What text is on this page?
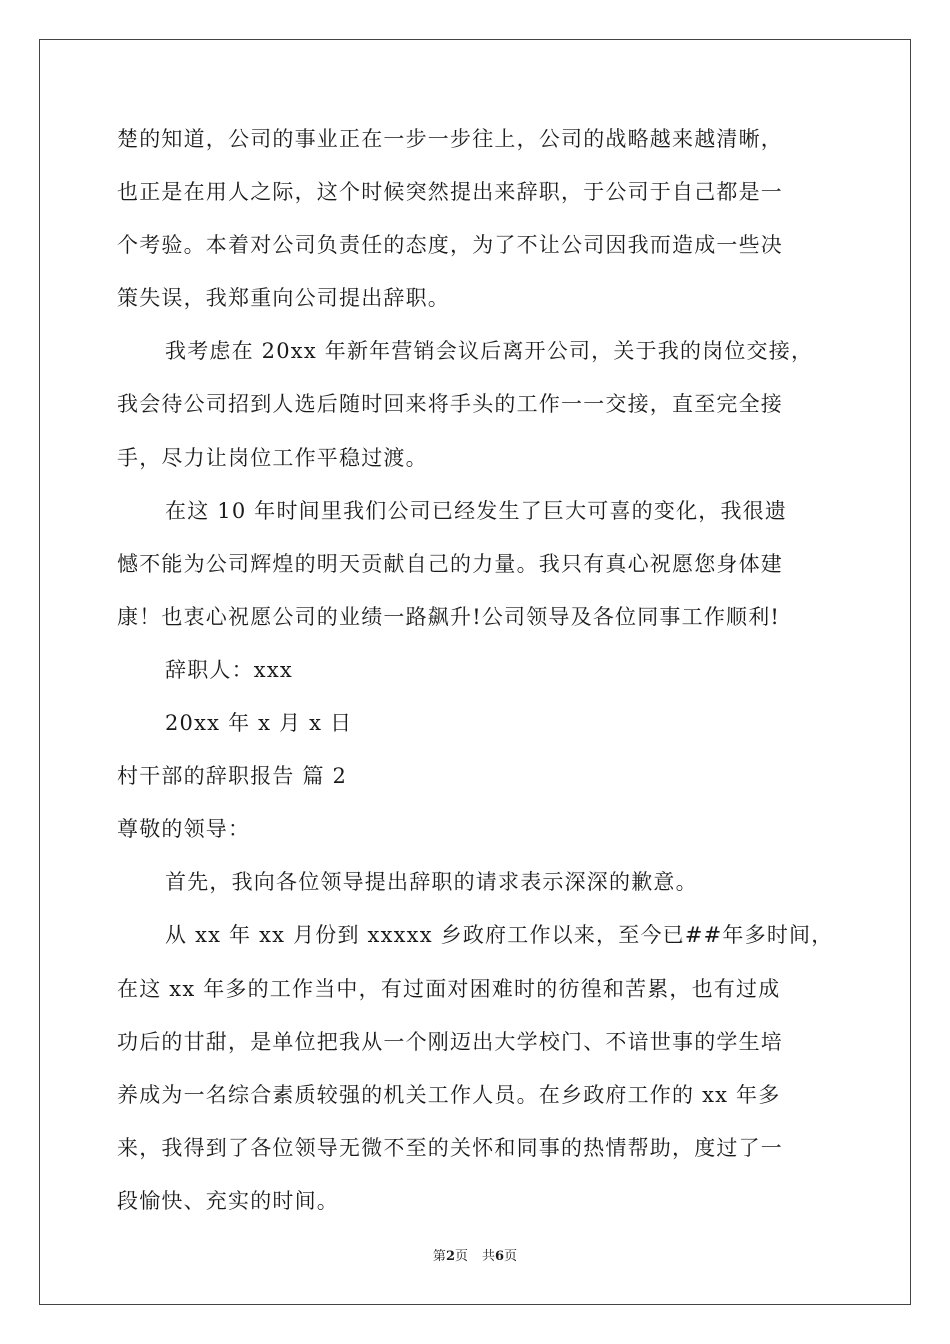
楚的知道，公司的事业正在一步一步往上，公司的战略越来越清晰，
也正是在用人之际，这个时候突然提出来辞职，于公司于自己都是一
个考验。本着对公司负责任的态度，为了不让公司因我而造成一些决
策失误，我郑重向公司提出辞职。
我考虑在 20xx 年新年营销会议后离开公司，关于我的岗位交接，
我会待公司招到人选后随时回来将手头的工作一一交接，直至完全接
手，尽力让岗位工作平稳过渡。
在这 10 年时间里我们公司已经发生了巨大可喜的变化，我很遗
憾不能为公司辉煌的明天贡献自己的力量。我只有真心祝愿您身体建
康！也衷心祝愿公司的业绩一路飙升!公司领导及各位同事工作顺利!
辞职人：xxx
20xx 年 x 月 x 日
村干部的辞职报告 篇 2
尊敬的领导：
首先，我向各位领导提出辞职的请求表示深深的歉意。
从 xx 年 xx 月份到 xxxxx 乡政府工作以来，至今已##年多时间，
在这 xx 年多的工作当中，有过面对困难时的彷徨和苦累，也有过成
功后的甘甜，是单位把我从一个刚迈出大学校门、不谙世事的学生培
养成为一名综合素质较强的机关工作人员。在乡政府工作的 xx 年多
来，我得到了各位领导无微不至的关怀和同事的热情帮助，度过了一
段愉快、充实的时间。
第2页 共6页
